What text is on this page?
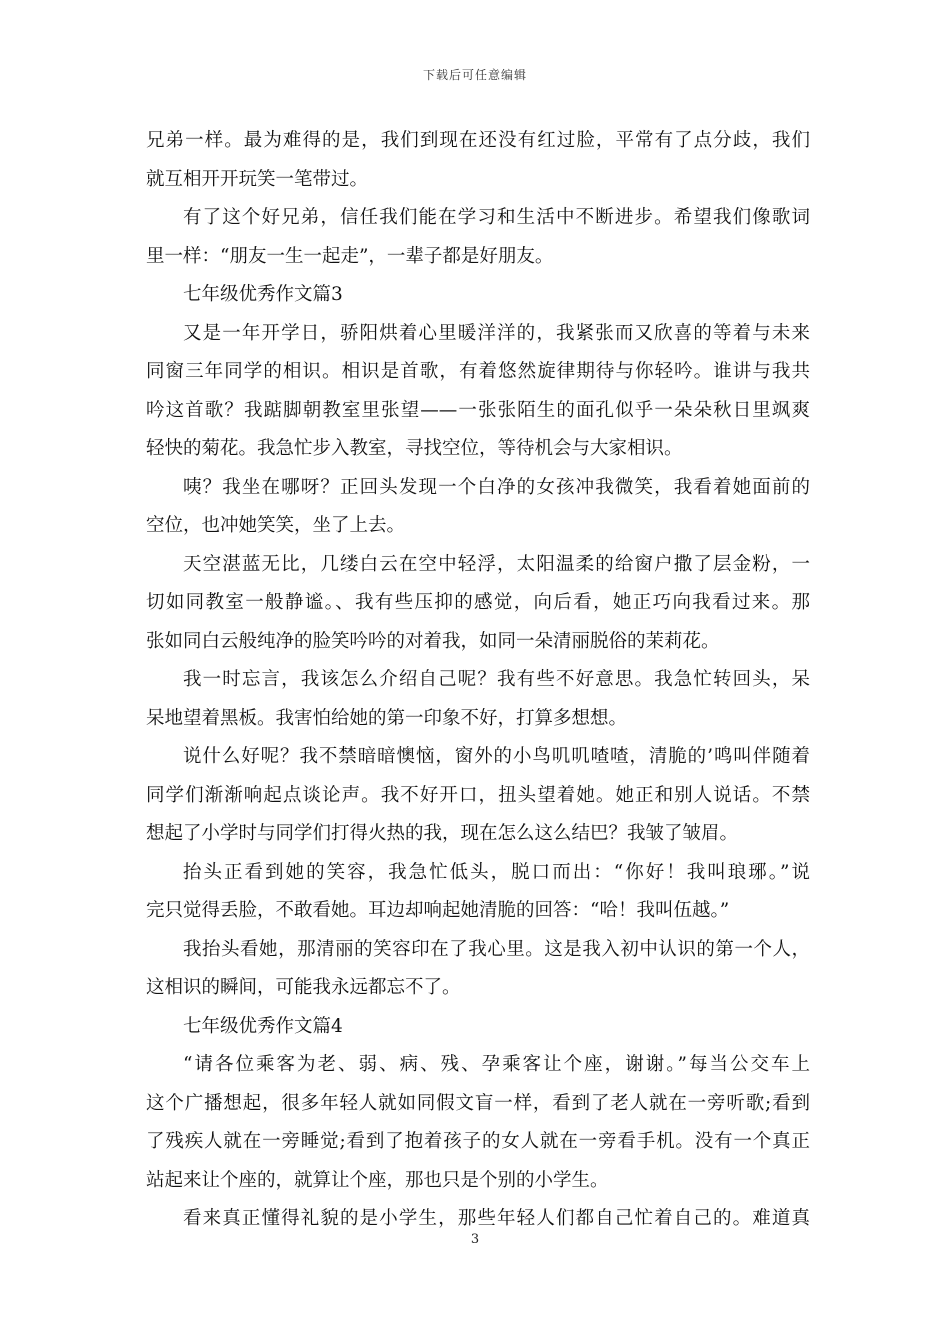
下载后可任意编辑
兄弟一样。最为难得的是，我们到现在还没有红过脸，平常有了点分歧，我们
就互相开开玩笑一笔带过。
有了这个好兄弟，信任我们能在学习和生活中不断进步。希望我们像歌词
里一样：“朋友一生一起走”，一辈子都是好朋友。
七年级优秀作文篇3
又是一年开学日，骄阳烘着心里暖洋洋的，我紧张而又欣喜的等着与未来
同窗三年同学的相识。相识是首歌，有着悠然旋律期待与你轻吟。谁讲与我共
吟这首歌？我踮脚朝教室里张望——一张张陌生的面孔似乎一朵朵秋日里飒爽
轻快的菊花。我急忙步入教室，寻找空位，等待机会与大家相识。
咦？我坐在哪呀？正回头发现一个白净的女孩冲我微笑，我看着她面前的
空位，也冲她笑笑，坐了上去。
天空湛蓝无比，几缕白云在空中轻浮，太阳温柔的给窗户撒了层金粉，一
切如同教室一般静谧。、我有些压抑的感觉，向后看，她正巧向我看过来。那
张如同白云般纯净的脸笑吟吟的对着我，如同一朵清丽脱俗的茉莉花。
我一时忘言，我该怎么介绍自己呢？我有些不好意思。我急忙转回头，呆
呆地望着黑板。我害怕给她的第一印象不好，打算多想想。
说什么好呢？我不禁暗暗懊恼，窗外的小鸟叽叽喳喳，清脆的’鸣叫伴随着
同学们渐渐响起点谈论声。我不好开口，扭头望着她。她正和别人说话。不禁
想起了小学时与同学们打得火热的我，现在怎么这么结巴？我皱了皱眉。
抬头正看到她的笑容，我急忙低头，脱口而出：“你好！我叫琅琊。”说
完只觉得丢脸，不敢看她。耳边却响起她清脆的回答：“哈！我叫伍越。”
我抬头看她，那清丽的笑容印在了我心里。这是我入初中认识的第一个人，
这相识的瞬间，可能我永远都忘不了。
七年级优秀作文篇4
“请各位乘客为老、弱、病、残、孕乘客让个座，谢谢。”每当公交车上
这个广播想起，很多年轻人就如同假文盲一样，看到了老人就在一旁听歌;看到
了残疾人就在一旁睡觉;看到了抱着孩子的女人就在一旁看手机。没有一个真正
站起来让个座的，就算让个座，那也只是个别的小学生。
看来真正懂得礼貌的是小学生，那些年轻人们都自己忙着自己的。难道真
3
